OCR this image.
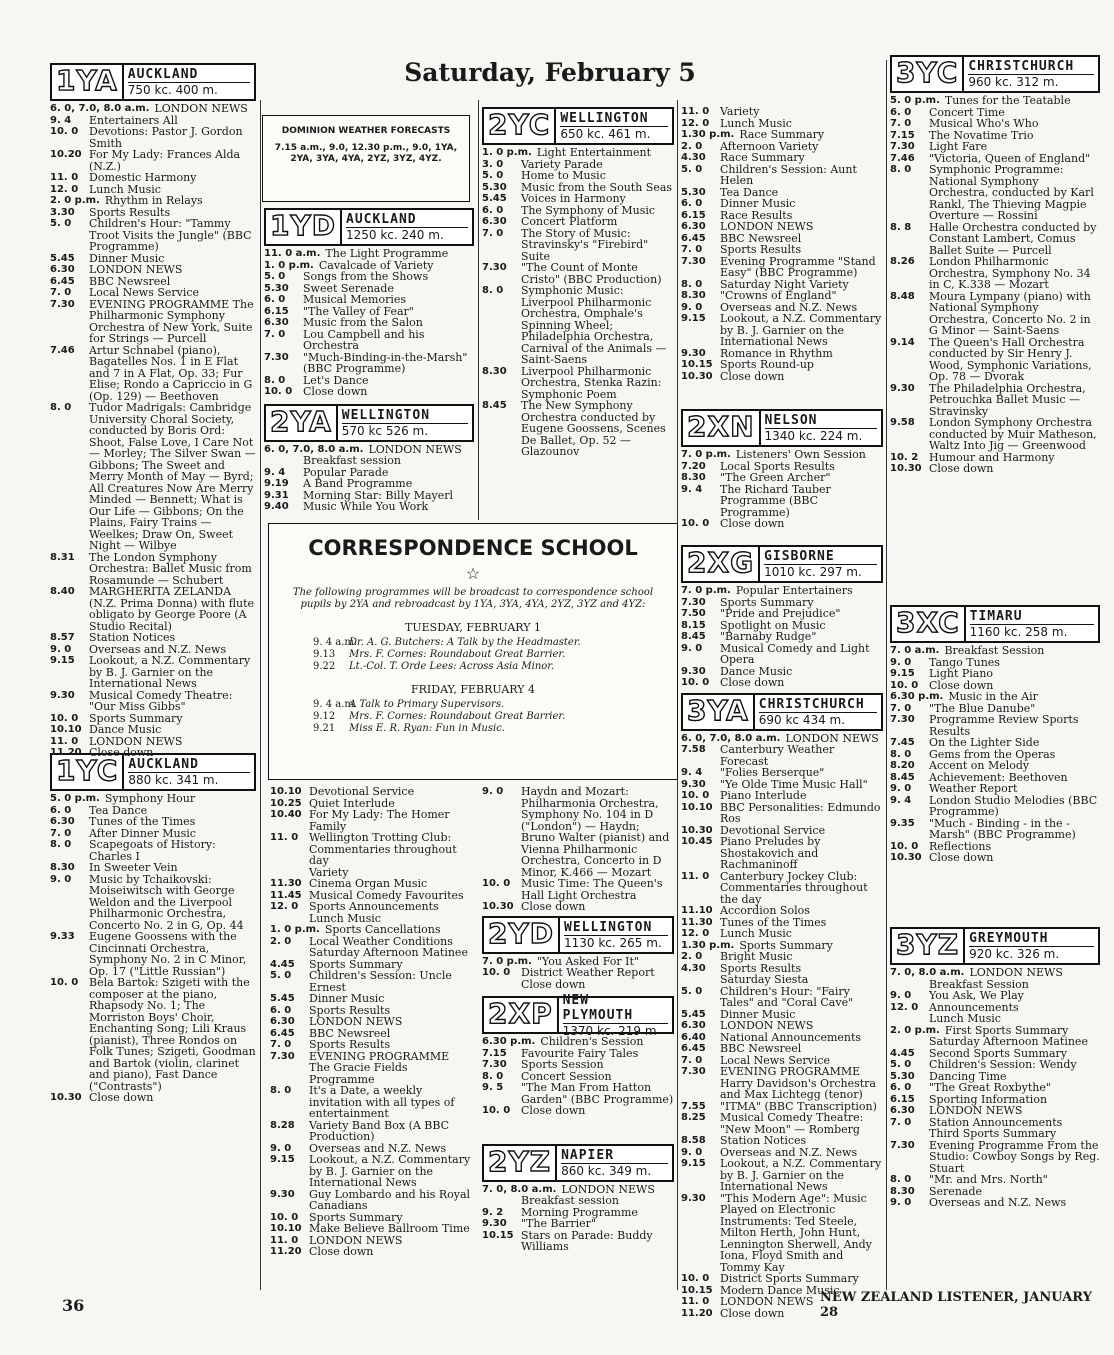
Saturday, February 5
1YA AUCKLAND
750 kc. 400 m.
6. 0, 7.0, 8.0 a.m. LONDON NEWS
9. 4	Entertainers All
10. 0 Devotions: Pastor J. Gordon Smith
10.20 For My Lady: Frances Alda (N.Z.)
11. 0 Domestic Harmony
12. 0 Lunch Music
2. 0 p.m. Rhythm in Relays
3.30	Sports Results
5. 0	Children's Hour: "Tammy Troot Visits the Jungle" (BBC Programme)
5.45	Dinner Music
6.30	LONDON NEWS
6.45	BBC Newsreel
7. 0	Local News Service
7.30	EVENING PROGRAMME The Philharmonic Symphony Orchestra of New York, Suite for Strings — Purcell
7.46	Artur Schnabel (piano), Bagatelles Nos. 1 in E Flat and 7 in A Flat, Op. 33; Fur Elise; Rondo a Capriccio in G (Op. 129) — Beethoven
8. 0	Tudor Madrigals: Cambridge University Choral Society, conducted by Boris Ord: Shoot, False Love, I Care Not — Morley; The Silver Swan — Gibbons; The Sweet and Merry Month of May — Byrd; All Creatures Now Are Merry Minded — Bennett; What is Our Life — Gibbons; On the Plains, Fairy Trains — Weelkes; Draw On, Sweet Night — Wilbye
8.31	The London Symphony Orchestra: Ballet Music from Rosamunde — Schubert
8.40	MARGHERITA ZELANDA (N.Z. Prima Donna) with flute obligato by George Poore (A Studio Recital)
8.57	Station Notices
9. 0	Overseas and N.Z. News
9.15	Lookout, a N.Z. Commentary by B. J. Garnier on the International News
9.30	Musical Comedy Theatre: "Our Miss Gibbs"
10. 0 Sports Summary
10.10 Dance Music
11. 0 LONDON NEWS
11.20 Close down
1YC AUCKLAND
880 kc. 341 m.
5. 0 p.m. Symphony Hour
6. 0	Tea Dance
6.30	Tunes of the Times
7. 0	After Dinner Music
8. 0	Scapegoats of History: Charles I
8.30	In Sweeter Vein
9. 0	Music by Tchaikovski: Moiseiwitsch with George Weldon and the Liverpool Philharmonic Orchestra, Concerto No. 2 in G, Op. 44
9.33	Eugene Goossens with the Cincinnati Orchestra, Symphony No. 2 in C Minor, Op. 17 ("Little Russian")
10. 0 Bela Bartok: Szigeti with the composer at the piano, Rhapsody No. 1; The Morriston Boys' Choir, Enchanting Song; Lili Kraus (pianist), Three Rondos on Folk Tunes; Szigeti, Goodman and Bartok (violin, clarinet and piano), Fast Dance ("Contrasts")
10.30 Close down
DOMINION WEATHER FORECASTS
7.15 a.m., 9.0, 12.30 p.m., 9.0, 1YA, 2YA, 3YA, 4YA, 2YZ, 3YZ, 4YZ.
1YD AUCKLAND
1250 kc. 240 m.
11. 0 a.m. The Light Programme
1. 0 p.m. Cavalcade of Variety
5. 0	Songs from the Shows
5.30	Sweet Serenade
6. 0	Musical Memories
6.15	"The Valley of Fear"
6.30	Music from the Salon
7. 0	Lou Campbell and his Orchestra
7.30	"Much-Binding-in-the-Marsh" (BBC Programme)
8. 0	Let's Dance
10. 0 Close down
2YA WELLINGTON
570 kc 526 m.
6. 0, 7.0, 8.0 a.m. LONDON NEWS
Breakfast session
9. 4	Popular Parade
9.19	A Band Programme
9.31	Morning Star: Billy Mayerl
9.40	Music While You Work
2YC WELLINGTON
650 kc. 461 m.
1. 0 p.m. Light Entertainment
3. 0	Variety Parade
5. 0	Home to Music
5.30	Music from the South Seas
5.45	Voices in Harmony
6. 0	The Symphony of Music
6.30	Concert Platform
7. 0	The Story of Music: Stravinsky's "Firebird" Suite
7.30	"The Count of Monte Cristo" (BBC Production)
8. 0	Symphonic Music: Liverpool Philharmonic Orchestra, Omphale's Spinning Wheel; Philadelphia Orchestra, Carnival of the Animals — Saint-Saens
8.30	Liverpool Philharmonic Orchestra, Stenka Razin: Symphonic Poem
8.45	The New Symphony Orchestra conducted by Eugene Goossens, Scenes De Ballet, Op. 52 — Glazounov
CORRESPONDENCE SCHOOL
☆
The following programmes will be broadcast to correspondence school pupils by 2YA and rebroadcast by 1YA, 3YA, 4YA, 2YZ, 3YZ and 4YZ:
TUESDAY, FEBRUARY 1
9. 4 a.m.Dr. A. G. Butchers: A Talk by the Headmaster.
9.13 Mrs. F. Cornes: Roundabout Great Barrier.
9.22 Lt.-Col. T. Orde Lees: Across Asia Minor.
FRIDAY, FEBRUARY 4
9. 4 a.m.A Talk to Primary Supervisors.
9.12 Mrs. F. Cornes: Roundabout Great Barrier.
9.21 Miss E. R. Ryan: Fun in Music.
10.10 Devotional Service
10.25 Quiet Interlude
10.40 For My Lady: The Homer Family
11. 0 Wellington Trotting Club: Commentaries throughout day
Variety
11.30 Cinema Organ Music
11.45 Musical Comedy Favourites
12. 0 Sports Announcements
Lunch Music
1. 0 p.m. Sports Cancellations
2. 0	Local Weather Conditions
Saturday Afternoon Matinee
4.45	Sports Summary
5. 0	Children's Session: Uncle Ernest
5.45	Dinner Music
6. 0	Sports Results
6.30	LONDON NEWS
6.45	BBC Newsreel
7. 0	Sports Results
7.30	EVENING PROGRAMME
The Gracie Fields Programme
8. 0	It's a Date, a weekly invitation with all types of entertainment
8.28	Variety Band Box (A BBC Production)
9. 0	Overseas and N.Z. News
9.15	Lookout, a N.Z. Commentary by B. J. Garnier on the International News
9.30	Guy Lombardo and his Royal Canadians
10. 0 Sports Summary
10.10 Make Believe Ballroom Time
11. 0 LONDON NEWS
11.20 Close down
9. 0	Haydn and Mozart: Philharmonia Orchestra, Symphony No. 104 in D ("London") — Haydn; Bruno Walter (pianist) and Vienna Philharmonic Orchestra, Concerto in D Minor, K.466 — Mozart
10. 0 Music Time: The Queen's Hall Light Orchestra
10.30 Close down
2YD WELLINGTON
1130 kc. 265 m.
7. 0 p.m. "You Asked For It"
10. 0 District Weather Report
Close down
2XP NEW PLYMOUTH
1370 kc. 219 m
6.30 p.m. Children's Session
7.15	Favourite Fairy Tales
7.30	Sports Session
8. 0	Concert Session
9. 5	"The Man From Hatton Garden" (BBC Programme)
10. 0 Close down
2YZ NAPIER
860 kc. 349 m.
7. 0, 8.0 a.m. LONDON NEWS
Breakfast session
9. 2	Morning Programme
9.30	"The Barrier"
10.15 Stars on Parade: Buddy Williams
11. 0 Variety
12. 0 Lunch Music
1.30 p.m. Race Summary
2. 0	Afternoon Variety
4.30	Race Summary
5. 0	Children's Session: Aunt Helen
5.30	Tea Dance
6. 0	Dinner Music
6.15	Race Results
6.30	LONDON NEWS
6.45	BBC Newsreel
7. 0	Sports Results
7.30	Evening Programme "Stand Easy" (BBC Programme)
8. 0	Saturday Night Variety
8.30	"Crowns of England"
9. 0	Overseas and N.Z. News
9.15	Lookout, a N.Z. Commentary by B. J. Garnier on the International News
9.30	Romance in Rhythm
10.15 Sports Round-up
10.30 Close down
2XN NELSON
1340 kc. 224 m.
7. 0 p.m. Listeners' Own Session
7.20	Local Sports Results
8.30	"The Green Archer"
9. 4	The Richard Tauber Programme (BBC Programme)
10. 0 Close down
2XG GISBORNE
1010 kc. 297 m.
7. 0 p.m. Popular Entertainers
7.30	Sports Summary
7.50	"Pride and Prejudice"
8.15	Spotlight on Music
8.45	"Barnaby Rudge"
9. 0	Musical Comedy and Light Opera
9.30	Dance Music
10. 0 Close down
3YA CHRISTCHURCH
690 kc 434 m.
6. 0, 7.0, 8.0 a.m. LONDON NEWS
7.58	Canterbury Weather Forecast
9. 4	"Folies Berserque"
9.30	"Ye Olde Time Music Hall"
10. 0 Piano Interlude
10.10 BBC Personalities: Edmundo Ros
10.30 Devotional Service
10.45 Piano Preludes by Shostakovich and Rachmaninoff
11. 0 Canterbury Jockey Club: Commentaries throughout the day
11.10 Accordion Solos
11.30 Tunes of the Times
12. 0 Lunch Music
1.30 p.m. Sports Summary
2. 0	Bright Music
4.30	Sports Results
Saturday Siesta
5. 0	Children's Hour: "Fairy Tales" and "Coral Cave"
5.45	Dinner Music
6.30	LONDON NEWS
6.40	National Announcements
6.45	BBC Newsreel
7. 0	Local News Service
7.30	EVENING PROGRAMME Harry Davidson's Orchestra and Max Lichtegg (tenor)
7.55	"ITMA" (BBC Transcription)
8.25	Musical Comedy Theatre: "New Moon" — Romberg
8.58	Station Notices
9. 0	Overseas and N.Z. News
9.15	Lookout, a N.Z. Commentary by B. J. Garnier on the International News
9.30	"This Modern Age": Music Played on Electronic Instruments: Ted Steele, Milton Herth, John Hunt, Lennington Sherwell, Andy Iona, Floyd Smith and Tommy Kay
10. 0 District Sports Summary
10.15 Modern Dance Music
11. 0 LONDON NEWS
11.20 Close down
3YC CHRISTCHURCH
960 kc. 312 m.
5. 0 p.m. Tunes for the Teatable
6. 0	Concert Time
7. 0	Musical Who's Who
7.15	The Novatime Trio
7.30	Light Fare
7.46	"Victoria, Queen of England"
8. 0	Symphonic Programme: National Symphony Orchestra, conducted by Karl Rankl, The Thieving Magpie Overture — Rossini
8. 8	Halle Orchestra conducted by Constant Lambert, Comus Ballet Suite — Purcell
8.26	London Philharmonic Orchestra, Symphony No. 34 in C, K.338 — Mozart
8.48	Moura Lympany (piano) with National Symphony Orchestra, Concerto No. 2 in G Minor — Saint-Saens
9.14	The Queen's Hall Orchestra conducted by Sir Henry J. Wood, Symphonic Variations, Op. 78 — Dvorak
9.30	The Philadelphia Orchestra, Petrouchka Ballet Music — Stravinsky
9.58	London Symphony Orchestra conducted by Muir Matheson, Waltz Into Jig — Greenwood
10. 2 Humour and Harmony
10.30 Close down
3XC TIMARU
1160 kc. 258 m.
7. 0 a.m. Breakfast Session
9. 0	Tango Tunes
9.15	Light Piano
10. 0 Close down
6.30 p.m. Music in the Air
7. 0	"The Blue Danube"
7.30	Programme Review Sports Results
7.45	On the Lighter Side
8. 0	Gems from the Operas
8.20	Accent on Melody
8.45	Achievement: Beethoven
9. 0	Weather Report
9. 4	London Studio Melodies (BBC Programme)
9.35	"Much - Binding - in the - Marsh" (BBC Programme)
10. 0 Reflections
10.30 Close down
3YZ GREYMOUTH
920 kc. 326 m.
7. 0, 8.0 a.m. LONDON NEWS
Breakfast Session
9. 0	You Ask, We Play
12. 0 Announcements
Lunch Music
2. 0 p.m. First Sports Summary
Saturday Afternoon Matinee
4.45	Second Sports Summary
5. 0	Children's Session: Wendy
5.30	Dancing Time
6. 0	"The Great Roxbythe"
6.15	Sporting Information
6.30	LONDON NEWS
7. 0	Station Announcements
Third Sports Summary
7.30	Evening Programme From the Studio: Cowboy Songs by Reg. Stuart
8. 0	"Mr. and Mrs. North"
8.30	Serenade
9. 0	Overseas and N.Z. News
36	NEW ZEALAND LISTENER, JANUARY 28
